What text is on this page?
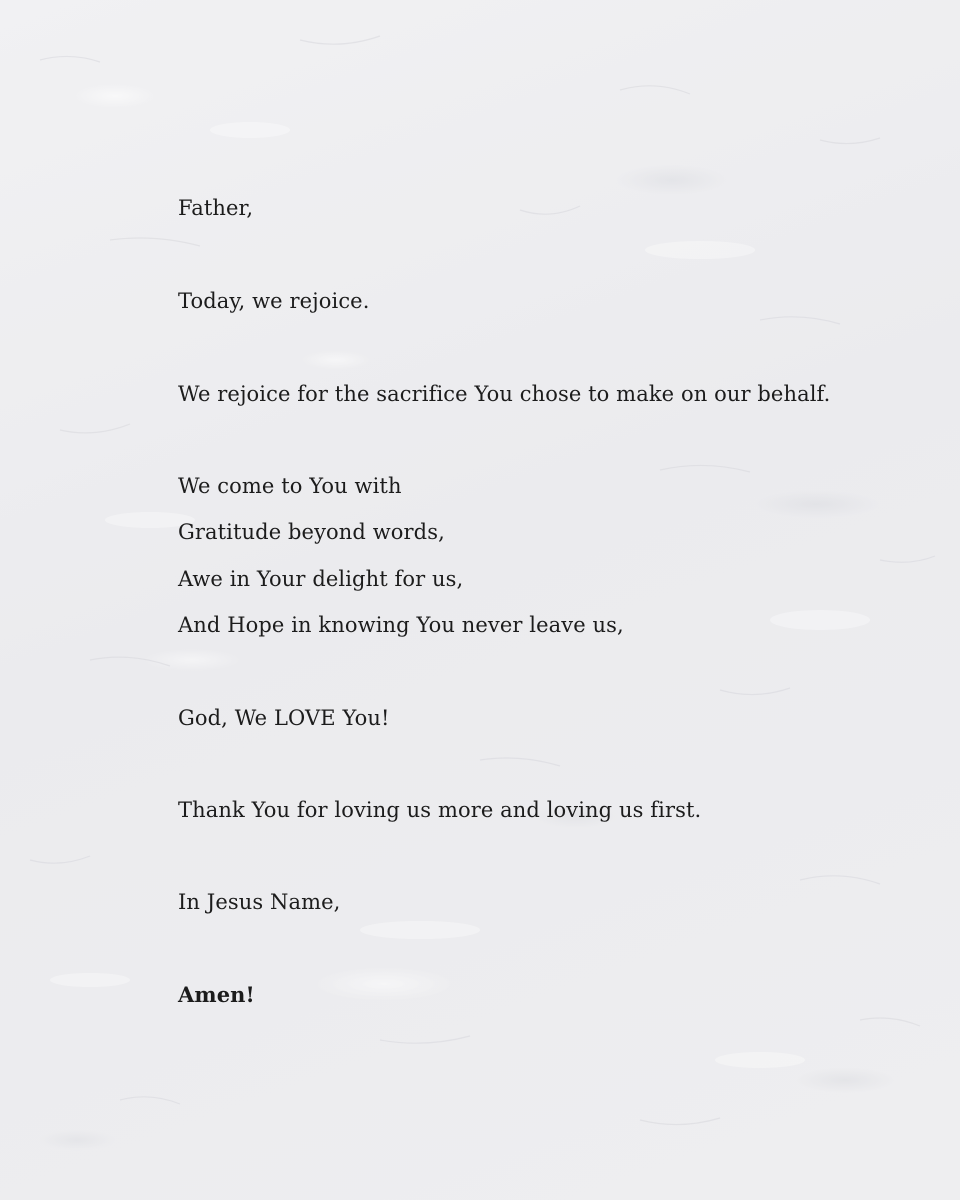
Father,
Today, we rejoice.
We rejoice for the sacrifice You chose to make on our behalf.
We come to You with
Gratitude beyond words,
Awe in Your delight for us,
And Hope in knowing You never leave us,
God, We LOVE You!
Thank You for loving us more and loving us first.
In Jesus Name,
Amen!
